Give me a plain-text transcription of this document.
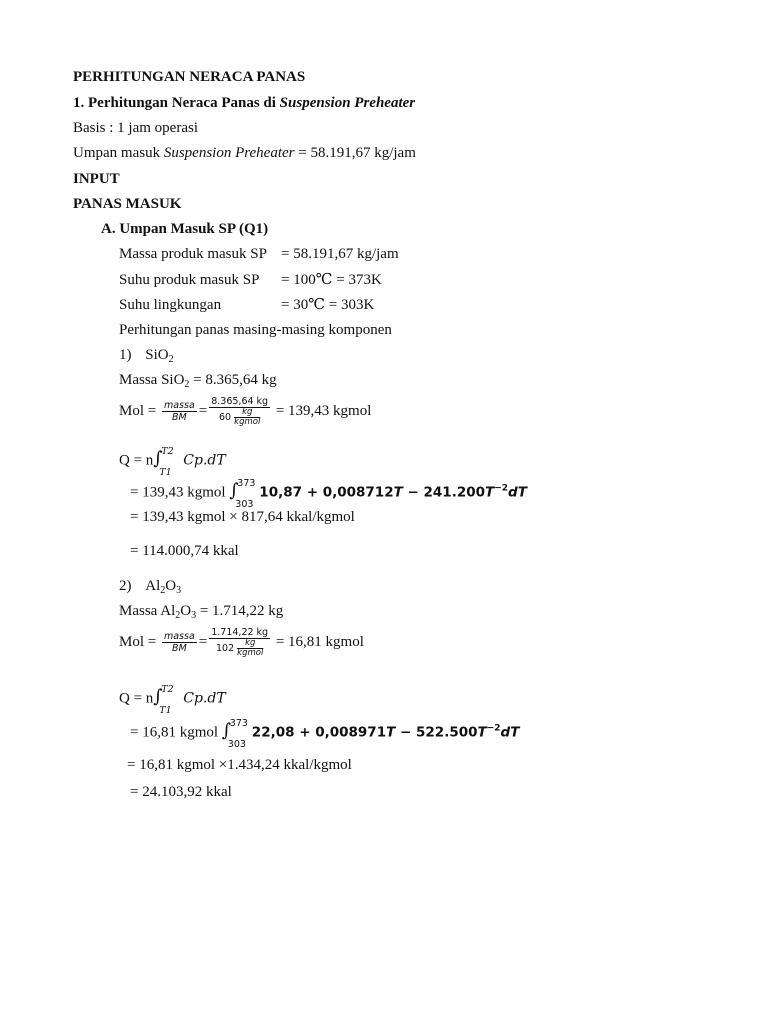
PERHITUNGAN NERACA PANAS
1. Perhitungan Neraca Panas di Suspension Preheater
Basis : 1 jam operasi
Umpan masuk Suspension Preheater = 58.191,67 kg/jam
INPUT
PANAS MASUK
A. Umpan Masuk SP (Q1)
Massa produk masuk SP = 58.191,67 kg/jam
Suhu produk masuk SP = 100℃ = 373K
Suhu lingkungan	= 30℃ = 303K
Perhitungan panas masing-masing komponen
1) SiO$_2$
Massa SiO$_2$ = 8.365,64 kg
Mol = $\frac{\text{massa}}{BM} = 8.365,64$ kg
60	kg
kgmol = 139,43 kgmol
Q = n ∫
T2
T1
Cp.dT
= 139,43 kgmol ∫
373
303
$10,87 + 0,008712T - 241.200T^{-2}dT$
= 139,43 kgmol × 817,64 kkal/kgmol
= 114.000,74 kkal
2) $Al_2O_3$
Massa $Al_2O_3 = 1.714,22$ kg
Mol = $\frac{\text{massa}}{BM} = 1.714,22$ kg
102	kg
kgmol = 16,81 kgmol
Q = n ∫
T2
T1
Cp.dT
= 16,81 kgmol ∫
373
303
$22,08 + 0,008971T - 522.500T^{-2}dT$
= 16,81 kgmol ×1.434,24 kkal/kgmol
= 24.103,92 kkal
